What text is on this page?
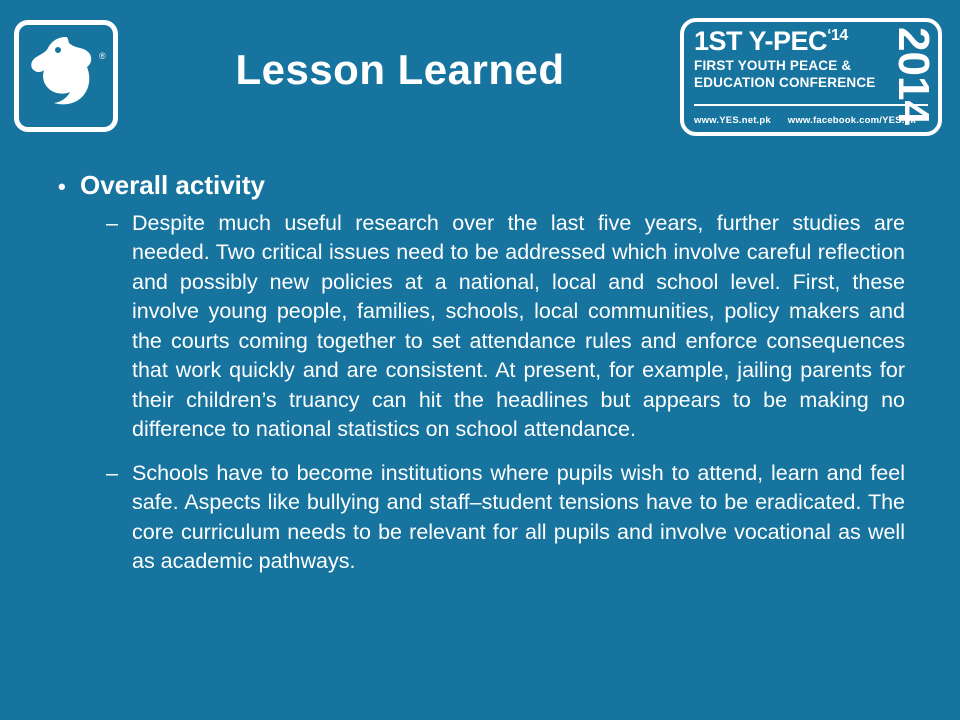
®	Lesson Learned
1ST $Y-PEC^{‘14}$
FIRST YOUTH PEACE &
EDUCATION CONFERENCE
www.YES.net.pk www.facebook.com/YES.pk
2014
• Overall activity
– Despite much useful research over the last five years, further studies are needed. Two critical issues need to be addressed which involve careful reflection and possibly new policies at a national, local and school level. First, these involve young people, families, schools, local communities, policy makers and the courts coming together to set attendance rules and enforce consequences that work quickly and are consistent. At present, for example, jailing parents for their children’s truancy can hit the headlines but appears to be making no difference to national statistics on school attendance.
– Schools have to become institutions where pupils wish to attend, learn and feel safe. Aspects like bullying and staff–student tensions have to be eradicated. The core curriculum needs to be relevant for all pupils and involve vocational as well as academic pathways.
